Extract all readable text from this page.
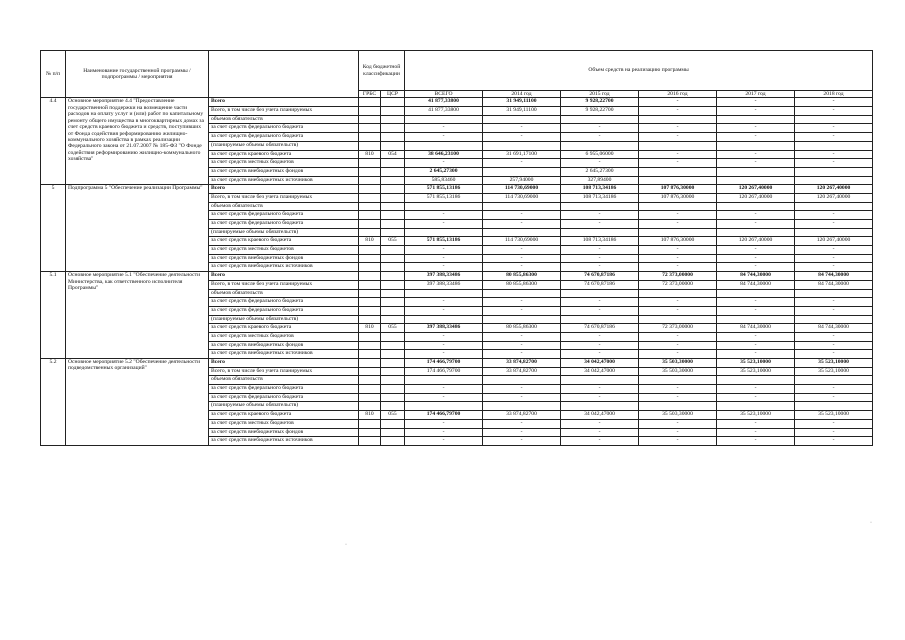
№ п/п	Наименование государственной программы / подпрограммы / мероприятия		Код бюджетной классификации		Объем средств на реализацию программы					
			ГРБС	ЦСР	ВСЕГО	2014 год	2015 год	2016 год	2017 год	2018 год
4.4	Основное мероприятие 4.4 "Предоставление государственной поддержки на возмещение части расходов на оплату услуг и (или) работ по капитальному ремонту общего имущества в многоквартирных домах за счет средств краевого бюджета и средств, поступивших от Фонда содействия реформированию жилищно-коммунального хозяйства в рамках реализации Федерального закона от 21.07.2007 № 185-ФЗ "О Фонде содействия реформированию жилищно-коммунального хозяйства"	Всего			41 877,33800	31 949,11100	9 928,22700	-	-	-
		Всего, в том числе без учета планируемых			41 877,33800	31 949,11100	9 928,22700	-	-	-
		объемов обязательств								
		за счет средств федерального бюджета			-	-	-	-	-	-
		за счет средств федерального бюджета			-	-	-	-	-	-
		(планируемые объемы обязательств)								
		за счет средств краевого бюджета	810	054	38 646,23100	31 691,17100	6 955,06000	-	-	-
		за счет средств местных бюджетов			-	-	-	-	-	-
		за счет средств внебюджетных фондов			2 645,27300		2 645,27300			
		за счет средств внебюджетных источников			585,83460	257,94000	327,89400			
5	Подпрограмма 5 "Обеспечение реализации Программы"	Всего			571 855,13186	114 730,69000	108 713,34186	107 876,30000	120 267,40000	120 267,40000
		Всего, в том числе без учета планируемых			571 855,13186	114 730,69000	108 713,34186	107 876,30000	120 267,40000	120 267,40000
		объемов обязательств								
		за счет средств федерального бюджета			-	-	-	-	-	-
		за счет средств федерального бюджета			-	-	-	-	-	-
		(планируемые объемы обязательств)								
		за счет средств краевого бюджета	810	055	571 855,13186	114 730,69000	108 713,34186	107 876,30000	120 267,40000	120 267,40000
		за счет средств местных бюджетов			-	-	-	-	-	-
		за счет средств внебюджетных фондов			-	-	-	-	-	-
		за счет средств внебюджетных источников			-	-	-	-	-	-
5.1	Основное мероприятие 5.1 "Обеспечение деятельности Министерства, как ответственного исполнителя Программы"	Всего			397 388,33486	80 855,86300	74 670,87186	72 373,00000	84 744,30000	84 744,30000
		Всего, в том числе без учета планируемых			397 388,33486	80 855,86300	74 670,87186	72 373,00000	84 744,30000	84 744,30000
		объемов обязательств								
		за счет средств федерального бюджета			-	-	-	-	-	-
		за счет средств федерального бюджета			-	-	-	-	-	-
		(планируемые объемы обязательств)								
		за счет средств краевого бюджета	810	055	397 388,33486	80 855,86300	74 670,87186	72 373,00000	84 744,30000	84 744,30000
		за счет средств местных бюджетов			-	-	-	-	-	-
		за счет средств внебюджетных фондов			-	-	-	-	-	-
		за счет средств внебюджетных источников			-	-	-	-	-	-
5.2	Основное мероприятие 5.2 "Обеспечение деятельности подведомственных организаций"	Всего			174 466,79700	33 874,82700	34 042,47000	35 503,30000	35 523,10000	35 523,10000
		Всего, в том числе без учета планируемых			174 466,79700	33 874,82700	34 042,47000	35 503,30000	35 523,10000	35 523,10000
		объемов обязательств								
		за счет средств федерального бюджета			-	-	-	-	-	-
		за счет средств федерального бюджета			-	-	-	-	-	-
		(планируемые объемы обязательств)								
		за счет средств краевого бюджета	810	055	174 466,79700	33 874,82700	34 042,47000	35 503,30000	35 523,10000	35 523,10000
		за счет средств местных бюджетов			-	-	-	-	-	-
		за счет средств внебюджетных фондов			-	-	-	-	-	-
		за счет средств внебюджетных источников			-	-	-	-	-	-
·
·
